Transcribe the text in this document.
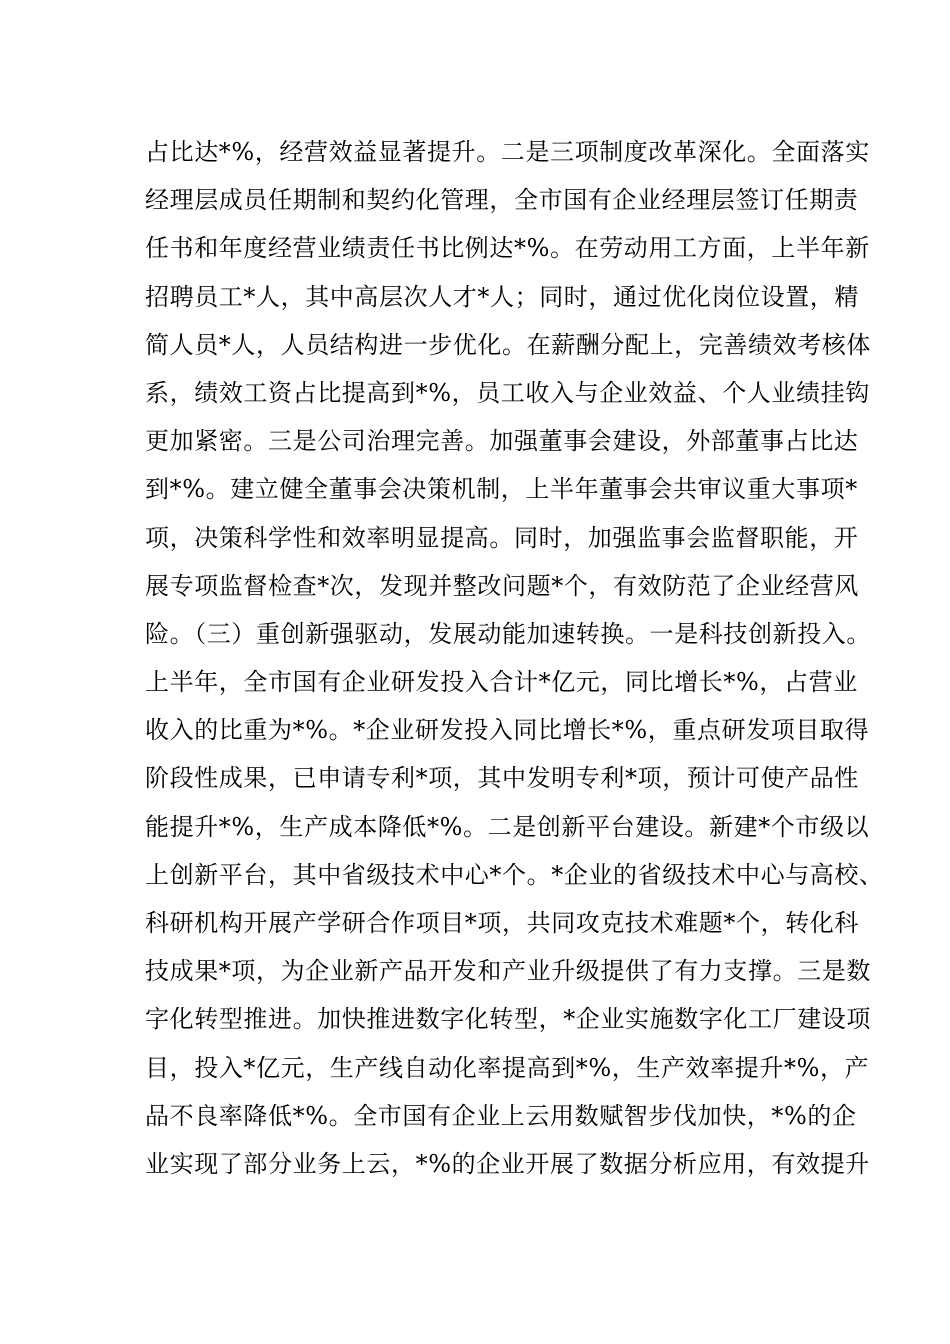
占比达*%，经营效益显著提升。二是三项制度改革深化。全面落实
经理层成员任期制和契约化管理，全市国有企业经理层签订任期责
任书和年度经营业绩责任书比例达*%。在劳动用工方面，上半年新
招聘员工*人，其中高层次人才*人；同时，通过优化岗位设置，精
简人员*人，人员结构进一步优化。在薪酬分配上，完善绩效考核体
系，绩效工资占比提高到*%，员工收入与企业效益、个人业绩挂钩
更加紧密。三是公司治理完善。加强董事会建设，外部董事占比达
到*%。建立健全董事会决策机制，上半年董事会共审议重大事项*
项，决策科学性和效率明显提高。同时，加强监事会监督职能，开
展专项监督检查*次，发现并整改问题*个，有效防范了企业经营风
险。（三）重创新强驱动，发展动能加速转换。一是科技创新投入。
上半年，全市国有企业研发投入合计*亿元，同比增长*%，占营业
收入的比重为*%。*企业研发投入同比增长*%，重点研发项目取得
阶段性成果，已申请专利*项，其中发明专利*项，预计可使产品性
能提升*%，生产成本降低*%。二是创新平台建设。新建*个市级以
上创新平台，其中省级技术中心*个。*企业的省级技术中心与高校、
科研机构开展产学研合作项目*项，共同攻克技术难题*个，转化科
技成果*项，为企业新产品开发和产业升级提供了有力支撑。三是数
字化转型推进。加快推进数字化转型，*企业实施数字化工厂建设项
目，投入*亿元，生产线自动化率提高到*%，生产效率提升*%，产
品不良率降低*%。全市国有企业上云用数赋智步伐加快，*%的企
业实现了部分业务上云，*%的企业开展了数据分析应用，有效提升
